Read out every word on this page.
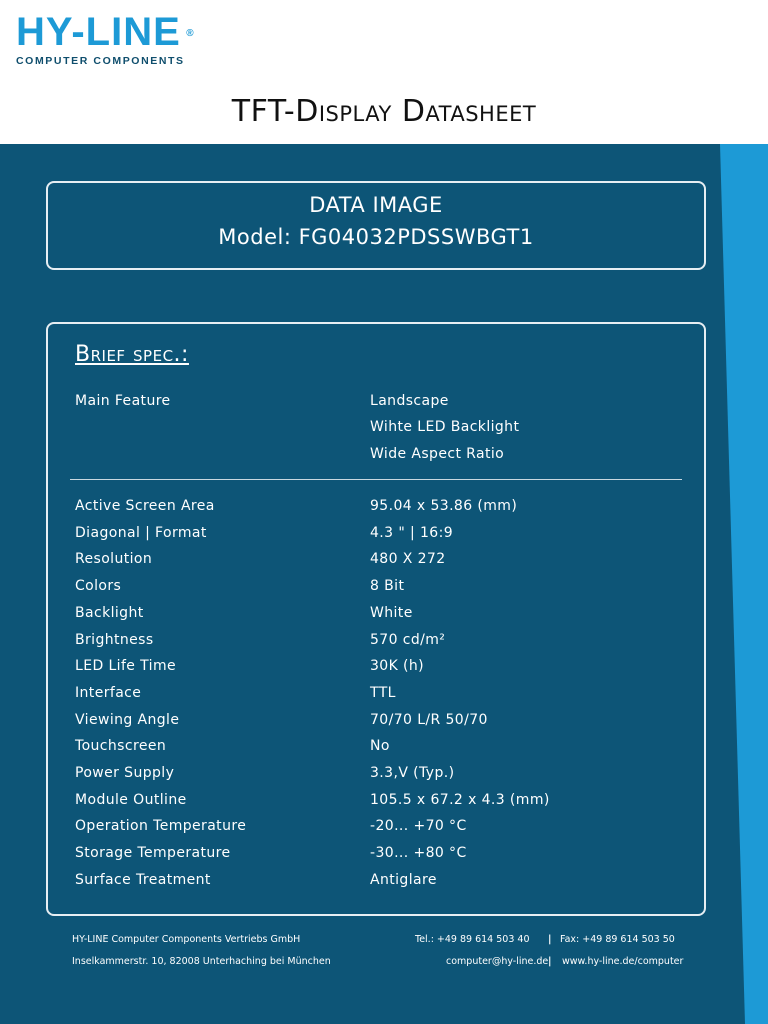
HY-LINE ®
COMPUTER COMPONENTS
TFT-Display Datasheet
DATA IMAGE
Model: FG04032PDSSWBGT1
Brief spec.:
Main Feature	Landscape
Wihte LED Backlight
Wide Aspect Ratio
Active Screen Area	95.04 x 53.86 (mm)
Diagonal | Format	4.3 " | 16:9
Resolution	480 X 272
Colors	8 Bit
Backlight	White
Brightness	570 cd/m²
LED Life Time	30K (h)
Interface	TTL
Viewing Angle	70/70 L/R 50/70
Touchscreen	No
Power Supply	3.3,V (Typ.)
Module Outline	105.5 x 67.2 x 4.3 (mm)
Operation Temperature	-20... +70 °C
Storage Temperature	-30... +80 °C
Surface Treatment	Antiglare
HY-LINE Computer Components Vertriebs GmbH
Inselkammerstr. 10, 82008 Unterhaching bei München
Tel.: +49 89 614 503 40 | Fax: +49 89 614 503 50
computer@hy-line.de | www.hy-line.de/computer
